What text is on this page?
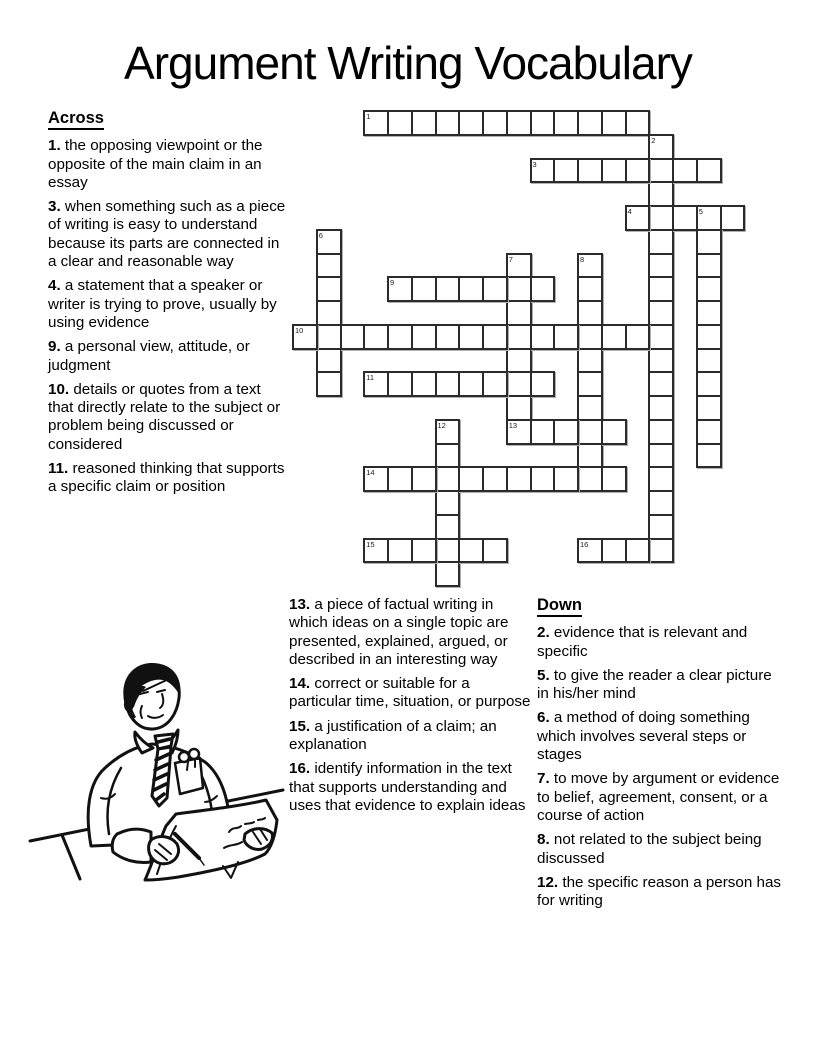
Argument Writing Vocabulary
1
2
3
4	5
6
7
13
8
9
10
11
12
14
15	16
Across
1. the opposing viewpoint or the opposite of the main claim in an essay
3. when something such as a piece of writing is easy to understand because its parts are connected in a clear and reasonable way
4. a statement that a speaker or writer is trying to prove, usually by using evidence
9. a personal view, attitude, or judgment
10. details or quotes from a text that directly relate to the subject or problem being discussed or considered
11. reasoned thinking that supports a specific claim or position
13. a piece of factual writing in which ideas on a single topic are presented, explained, argued, or described in an interesting way
14. correct or suitable for a particular time, situation, or purpose
15. a justification of a claim; an explanation
16. identify information in the text that supports understanding and uses that evidence to explain ideas
Down
2. evidence that is relevant and specific
5. to give the reader a clear picture in his/her mind
6. a method of doing something which involves several steps or stages
7. to move by argument or evidence to belief, agreement, consent, or a course of action
8. not related to the subject being discussed
12. the specific reason a person has for writing
